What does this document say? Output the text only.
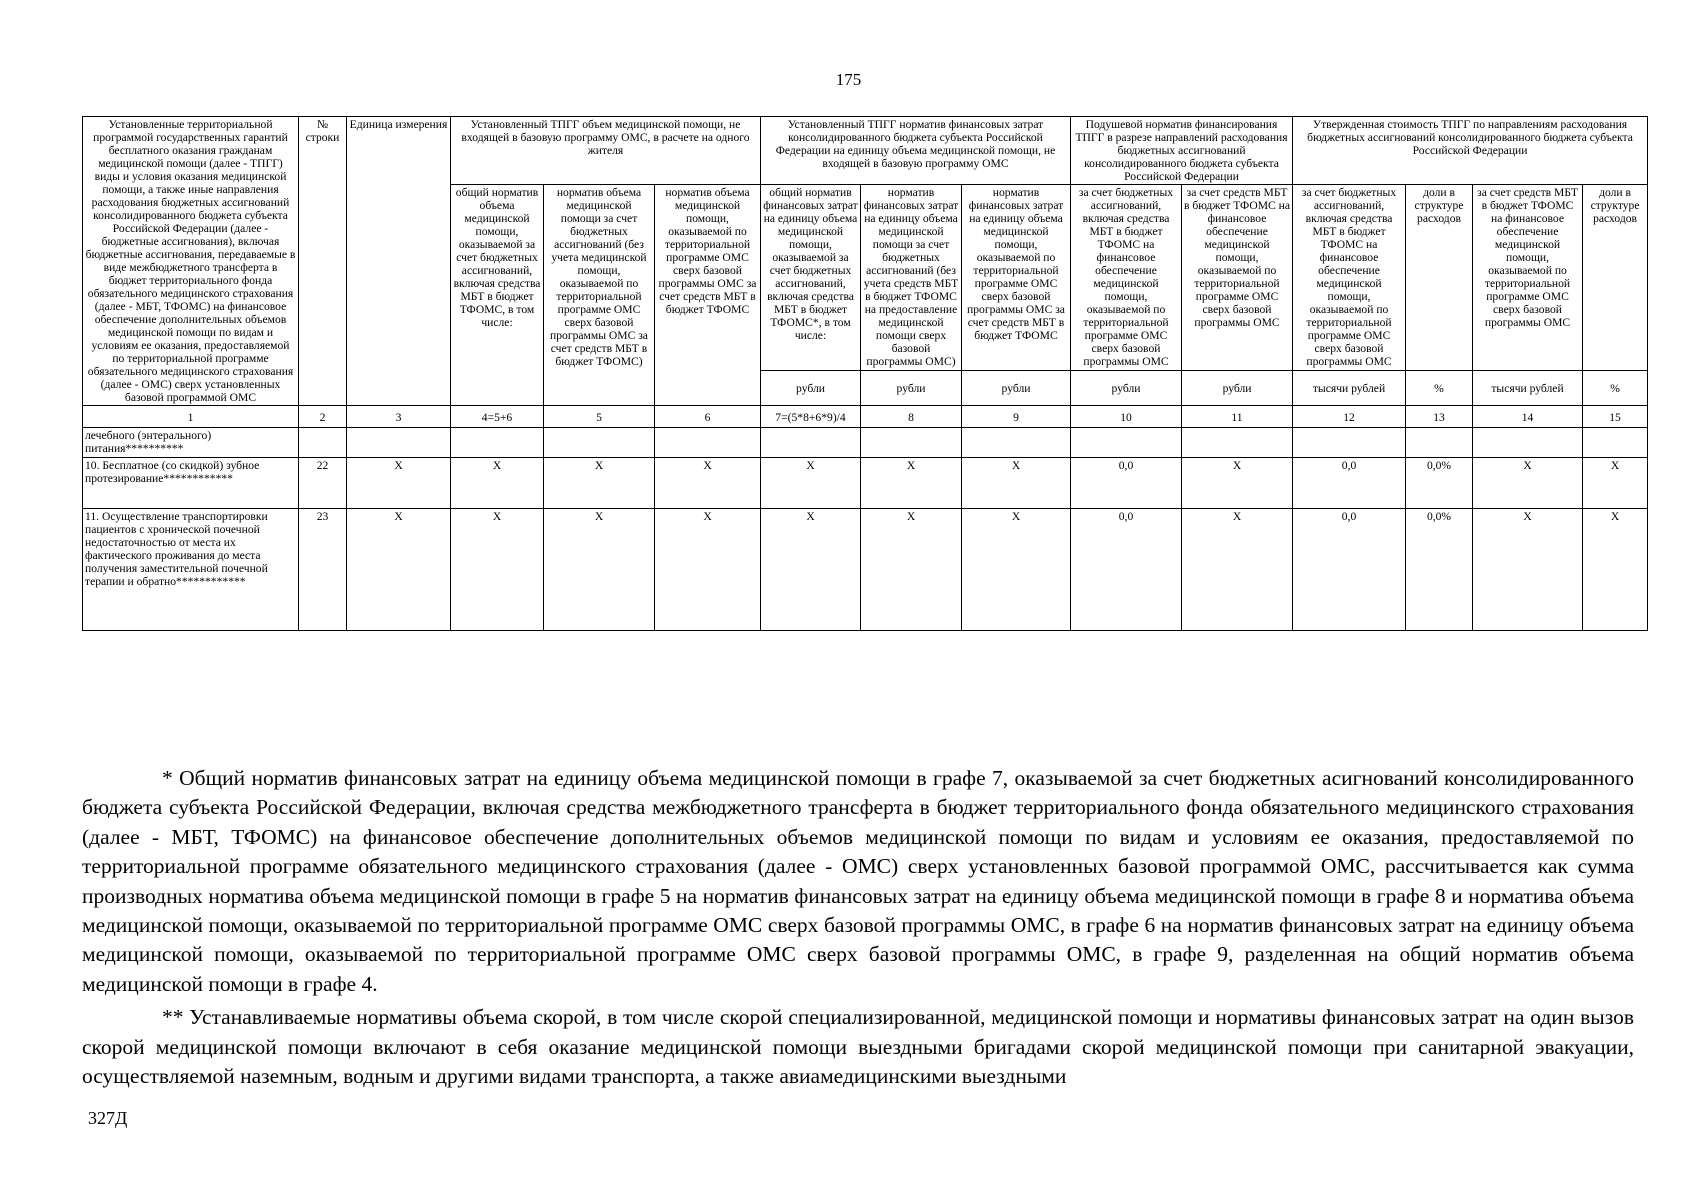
175
Установленные территориальной программой государственных гарантий бесплатного оказания гражданам медицинской помощи (далее - ТПГГ) виды и условия оказания медицинской помощи, а также иные направления расходования бюджетных ассигнований консолидированного бюджета субъекта Российской Федерации (далее - бюджетные ассигнования), включая бюджетные ассигнования, передаваемые в виде межбюджетного трансферта в бюджет территориального фонда обязательного медицинского страхования (далее - МБТ, ТФОМС) на финансовое обеспечение дополнительных объемов медицинской помощи по видам и условиям ее оказания, предоставляемой по территориальной программе обязательного медицинского страхования (далее - ОМС) сверх установленных базовой программой ОМС	№ строки	Единица измерения	Установленный ТПГГ объем медицинской помощи, не входящей в базовую программу ОМС, в расчете на одного жителя			Установленный ТПГГ норматив финансовых затрат консолидированного бюджета субъекта Российской Федерации на единицу объема медицинской помощи, не входящей в базовую программу ОМС			Подушевой норматив финансирования ТПГГ в разрезе направлений расходования бюджетных ассигнований консолидированного бюджета субъекта Российской Федерации		Утвержденная стоимость ТПГГ по направлениям расходования бюджетных ассигнований консолидированного бюджета субъекта Российской Федерации			
			общий норматив объема медицинской помощи, оказываемой за счет бюджетных ассигнований, включая средства МБТ в бюджет ТФОМС, в том числе:	норматив объема медицинской помощи за счет бюджетных ассигнований (без учета медицинской помощи, оказываемой по территориальной программе ОМС сверх базовой программы ОМС за счет средств МБТ в бюджет ТФОМС)	норматив объема медицинской помощи, оказываемой по территориальной программе ОМС сверх базовой программы ОМС за счет средств МБТ в бюджет ТФОМС	общий норматив финансовых затрат на единицу объема медицинской помощи, оказываемой за счет бюджетных ассигнований, включая средства МБТ в бюджет ТФОМС*, в том числе:	норматив финансовых затрат на единицу объема медицинской помощи за счет бюджетных ассигнований (без учета средств МБТ в бюджет ТФОМС на предоставление медицинской помощи сверх базовой программы ОМС)	норматив финансовых затрат на единицу объема медицинской помощи, оказываемой по территориальной программе ОМС сверх базовой программы ОМС за счет средств МБТ в бюджет ТФОМС	за счет бюджетных ассигнований, включая средства МБТ в бюджет ТФОМС на финансовое обеспечение медицинской помощи, оказываемой по территориальной программе ОМС сверх базовой программы ОМС	за счет средств МБТ в бюджет ТФОМС на финансовое обеспечение медицинской помощи, оказываемой по территориальной программе ОМС сверх базовой программы ОМС	за счет бюджетных ассигнований, включая средства МБТ в бюджет ТФОМС на финансовое обеспечение медицинской помощи, оказываемой по территориальной программе ОМС сверх базовой программы ОМС	доли в структуре расходов	за счет средств МБТ в бюджет ТФОМС на финансовое обеспечение медицинской помощи, оказываемой по территориальной программе ОМС сверх базовой программы ОМС	доли в структуре расходов
						рубли	рубли	рубли	рубли	рубли	тысячи рублей	%	тысячи рублей	%
1	2	3	4=5+6	5	6	7=(5*8+6*9)/4	8	9	10	11	12	13	14	15
лечебного (энтерального) питания**********														
10. Бесплатное (со скидкой) зубное протезирование************	22	X	X	X	X	X	X	X	0,0	X	0,0	0,0%	X	X
11. Осуществление транспортировки пациентов с хронической почечной недостаточностью от места их фактического проживания до места получения заместительной почечной терапии и обратно************	23	X	X	X	X	X	X	X	0,0	X	0,0	0,0%	X	X

* Общий норматив финансовых затрат на единицу объема медицинской помощи в графе 7, оказываемой за счет бюджетных асигнований консолидированного бюджета субъекта Российской Федерации, включая средства межбюджетного трансферта в бюджет территориального фонда обязательного медицинского страхования (далее - МБТ, ТФОМС) на финансовое обеспечение дополнительных объемов медицинской помощи по видам и условиям ее оказания, предоставляемой по территориальной программе обязательного медицинского страхования (далее - ОМС) сверх установленных базовой программой ОМС, рассчитывается как сумма производных норматива объема медицинской помощи в графе 5 на норматив финансовых затрат на единицу объема медицинской помощи в графе 8 и норматива объема медицинской помощи, оказываемой по территориальной программе ОМС сверх базовой программы ОМС, в графе 6 на норматив финансовых затрат на единицу объема медицинской помощи, оказываемой по территориальной программе ОМС сверх базовой программы ОМС, в графе 9, разделенная на общий норматив объема медицинской помощи в графе 4.

** Устанавливаемые нормативы объема скорой, в том числе скорой специализированной, медицинской помощи и нормативы финансовых затрат на один вызов скорой медицинской помощи включают в себя оказание медицинской помощи выездными бригадами скорой медицинской помощи при санитарной эвакуации, осуществляемой наземным, водным и другими видами транспорта, а также авиамедицинскими выездными

327Д
